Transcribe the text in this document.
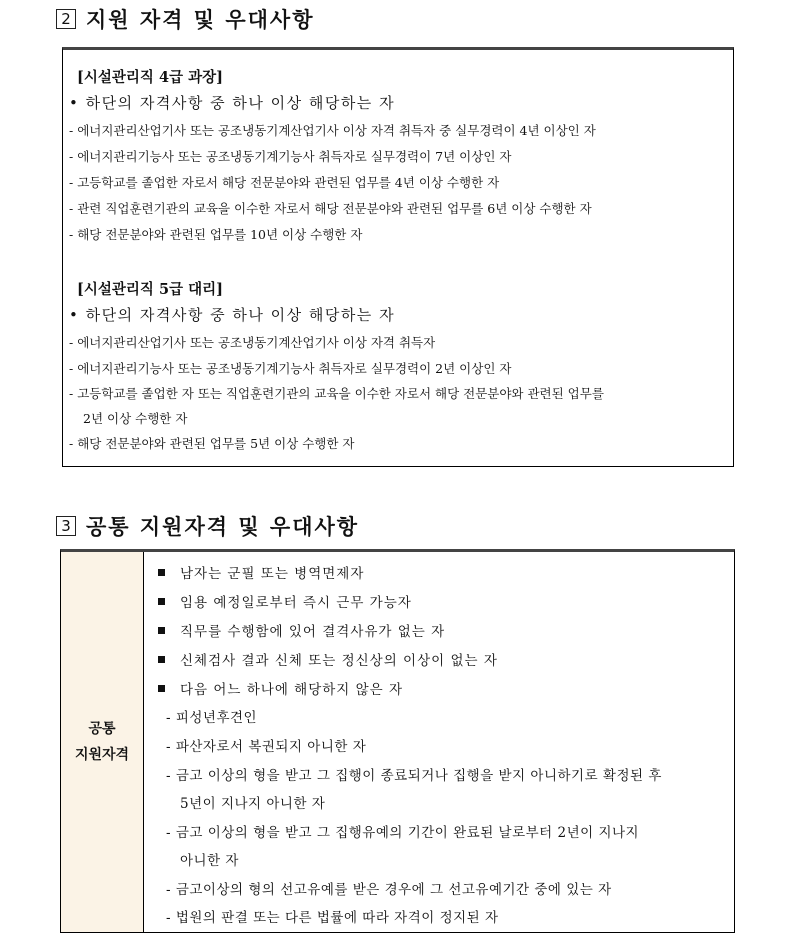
2 지원 자격 및 우대사항
[시설관리직 4급 과장]
• 하단의 자격사항 중 하나 이상 해당하는 자
- 에너지관리산업기사 또는 공조냉동기계산업기사 이상 자격 취득자 중 실무경력이 4년 이상인 자
- 에너지관리기능사 또는 공조냉동기계기능사 취득자로 실무경력이 7년 이상인 자
- 고등학교를 졸업한 자로서 해당 전문분야와 관련된 업무를 4년 이상 수행한 자
- 관련 직업훈련기관의 교육을 이수한 자로서 해당 전문분야와 관련된 업무를 6년 이상 수행한 자
- 해당 전문분야와 관련된 업무를 10년 이상 수행한 자
[시설관리직 5급 대리]
• 하단의 자격사항 중 하나 이상 해당하는 자
- 에너지관리산업기사 또는 공조냉동기계산업기사 이상 자격 취득자
- 에너지관리기능사 또는 공조냉동기계기능사 취득자로 실무경력이 2년 이상인 자
- 고등학교를 졸업한 자 또는 직업훈련기관의 교육을 이수한 자로서 해당 전문분야와 관련된 업무를
2년 이상 수행한 자
- 해당 전문분야와 관련된 업무를 5년 이상 수행한 자
3 공통 지원자격 및 우대사항
공통
지원자격
남자는 군필 또는 병역면제자
임용 예정일로부터 즉시 근무 가능자
직무를 수행함에 있어 결격사유가 없는 자
신체검사 결과 신체 또는 정신상의 이상이 없는 자
다음 어느 하나에 해당하지 않은 자
- 피성년후견인
- 파산자로서 복권되지 아니한 자
- 금고 이상의 형을 받고 그 집행이 종료되거나 집행을 받지 아니하기로 확정된 후
5년이 지나지 아니한 자
- 금고 이상의 형을 받고 그 집행유예의 기간이 완료된 날로부터 2년이 지나지
아니한 자
- 금고이상의 형의 선고유예를 받은 경우에 그 선고유예기간 중에 있는 자
- 법원의 판결 또는 다른 법률에 따라 자격이 정지된 자
